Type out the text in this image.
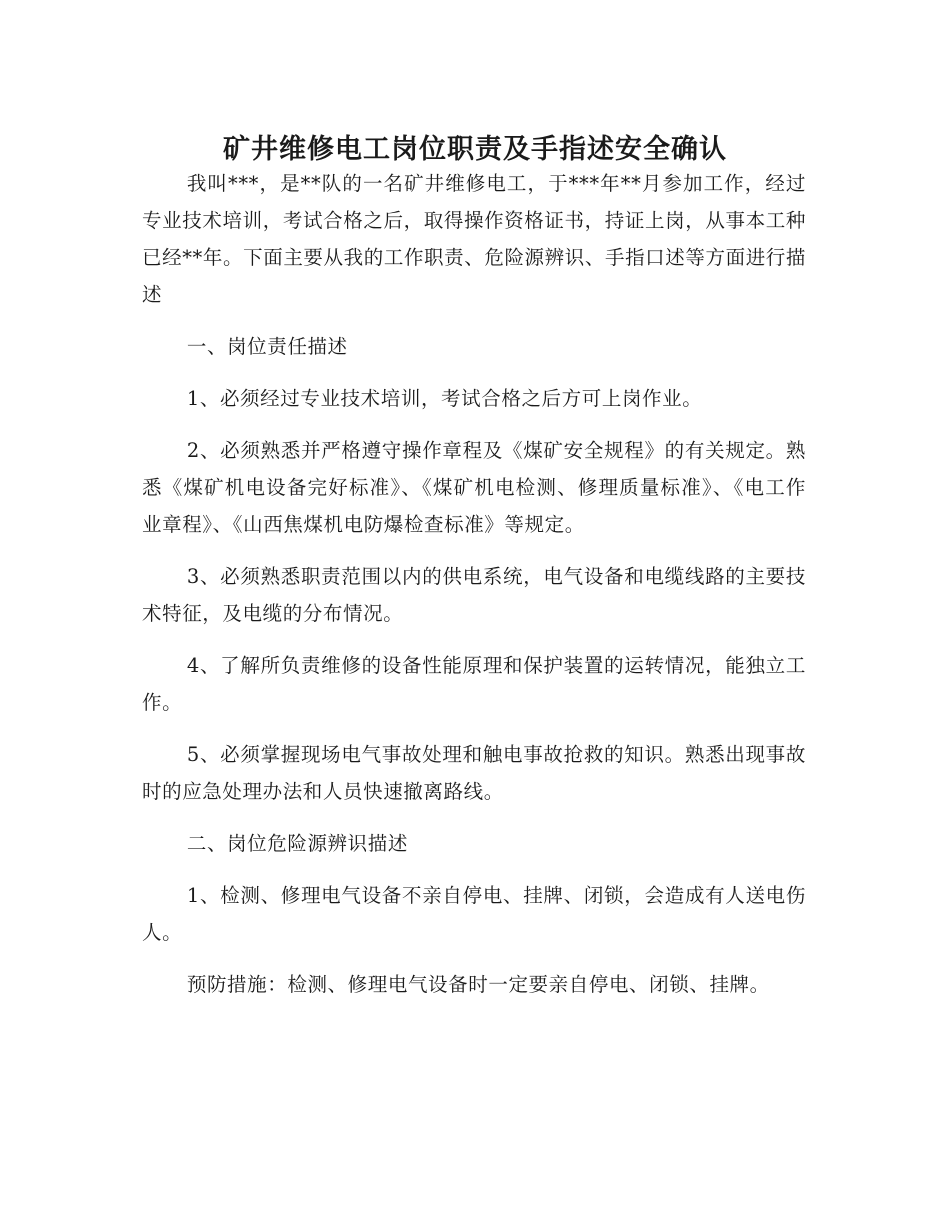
矿井维修电工岗位职责及手指述安全确认

我叫***，是**队的一名矿井维修电工，于***年**月参加工作，经过专业技术培训，考试合格之后，取得操作资格证书，持证上岗，从事本工种已经**年。下面主要从我的工作职责、危险源辨识、手指口述等方面进行描述

一、岗位责任描述

1、必须经过专业技术培训，考试合格之后方可上岗作业。

2、必须熟悉并严格遵守操作章程及《煤矿安全规程》的有关规定。熟悉《煤矿机电设备完好标准》、《煤矿机电检测、修理质量标准》、《电工作业章程》、《山西焦煤机电防爆检查标准》等规定。

3、必须熟悉职责范围以内的供电系统，电气设备和电缆线路的主要技术特征，及电缆的分布情况。

4、了解所负责维修的设备性能原理和保护装置的运转情况，能独立工作。

5、必须掌握现场电气事故处理和触电事故抢救的知识。熟悉出现事故时的应急处理办法和人员快速撤离路线。

二、岗位危险源辨识描述

1、检测、修理电气设备不亲自停电、挂牌、闭锁，会造成有人送电伤人。

预防措施：检测、修理电气设备时一定要亲自停电、闭锁、挂牌。
